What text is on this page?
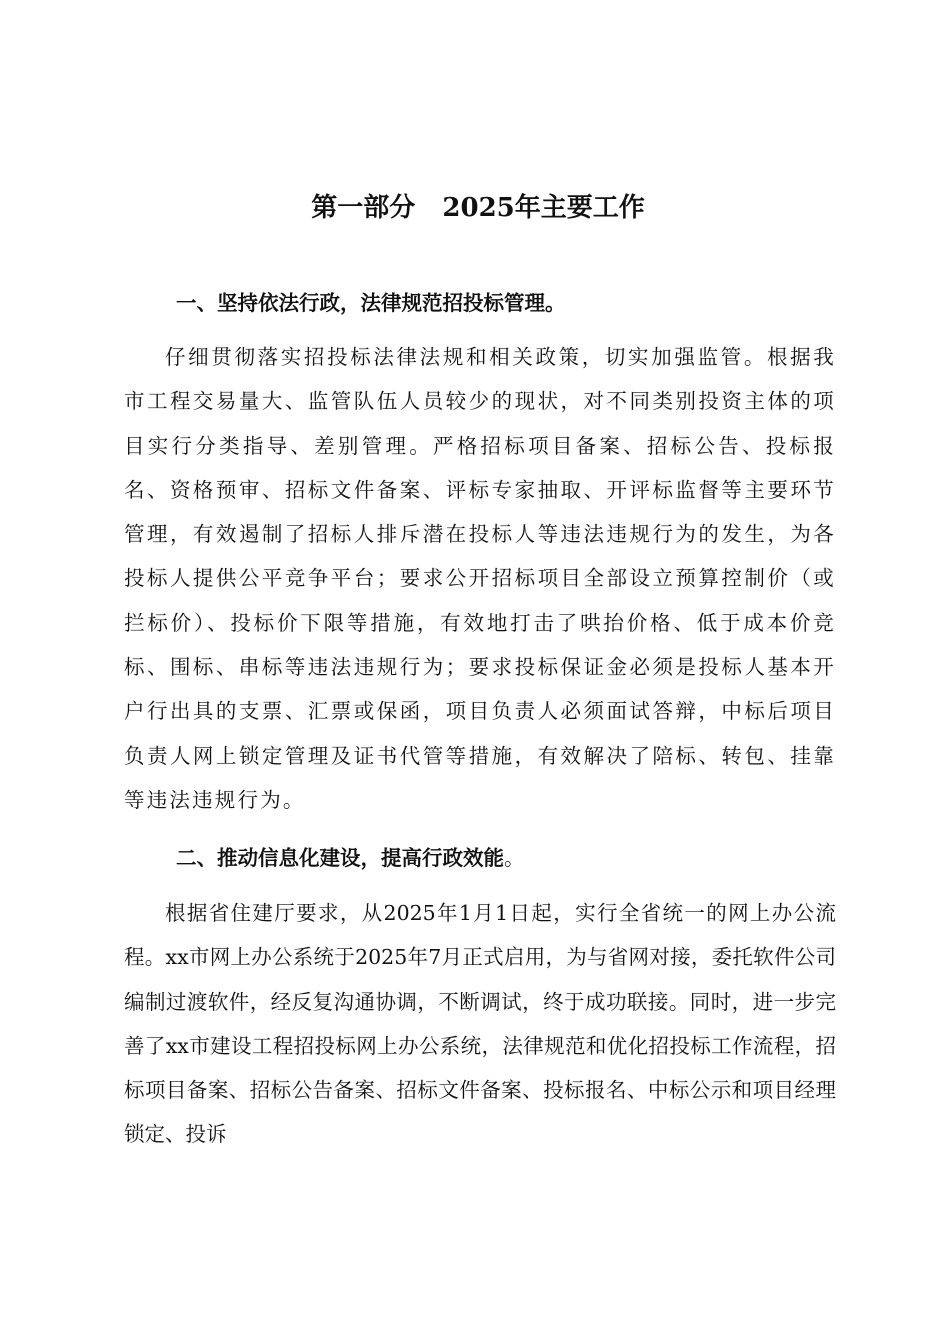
第一部分   2025年主要工作
一、坚持依法行政，法律规范招投标管理。

仔细贯彻落实招投标法律法规和相关政策，切实加强监管。根据我市工程交易量大、监管队伍人员较少的现状，对不同类别投资主体的项目实行分类指导、差别管理。严格招标项目备案、招标公告、投标报名、资格预审、招标文件备案、评标专家抽取、开评标监督等主要环节管理，有效遏制了招标人排斥潜在投标人等违法违规行为的发生，为各投标人提供公平竞争平台；要求公开招标项目全部设立预算控制价（或拦标价）、投标价下限等措施，有效地打击了哄抬价格、低于成本价竞标、围标、串标等违法违规行为；要求投标保证金必须是投标人基本开户行出具的支票、汇票或保函，项目负责人必须面试答辩，中标后项目负责人网上锁定管理及证书代管等措施，有效解决了陪标、转包、挂靠等违法违规行为。

二、推动信息化建设，提高行政效能。

根据省住建厅要求，从2025年1月1日起，实行全省统一的网上办公流程。xx市网上办公系统于2025年7月正式启用，为与省网对接，委托软件公司编制过渡软件，经反复沟通协调，不断调试，终于成功联接。同时，进一步完善了xx市建设工程招投标网上办公系统，法律规范和优化招投标工作流程，招标项目备案、招标公告备案、招标文件备案、投标报名、中标公示和项目经理锁定、投诉
